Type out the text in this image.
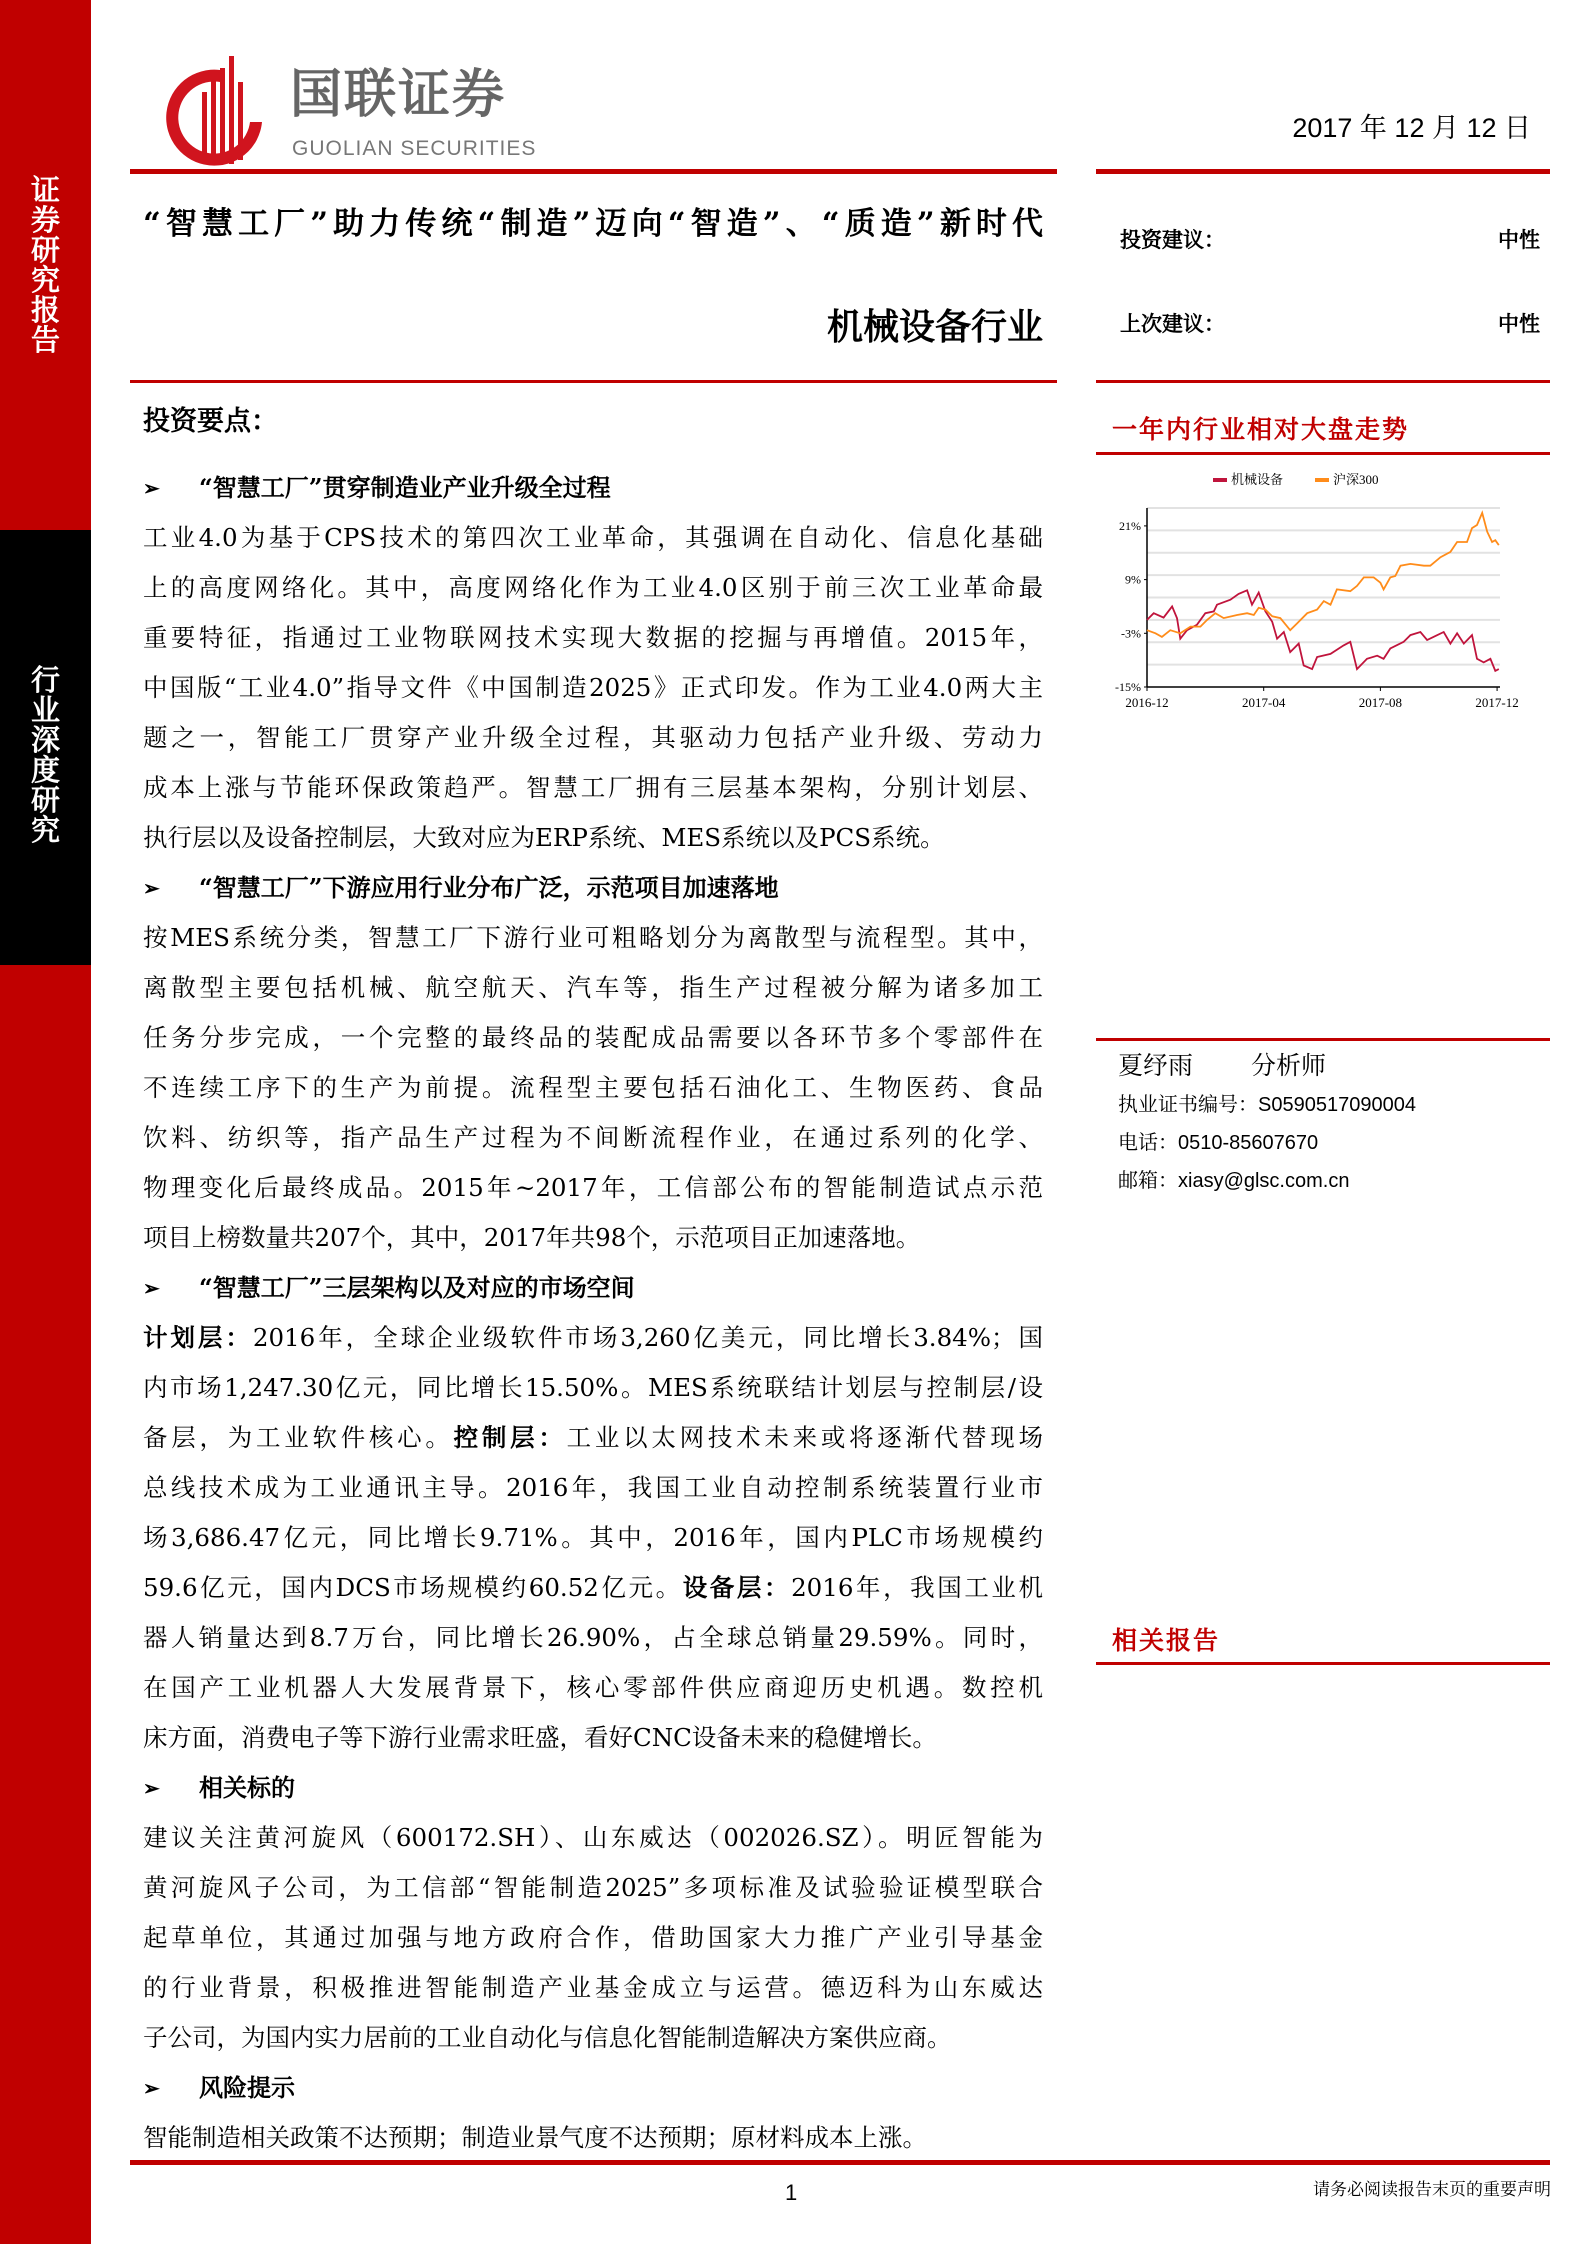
证
券
研
究
报
告
行
业
深
度
研
究
国联证券
GUOLIAN SECURITIES
2017 年 12 月 12 日
“智慧工厂”助力传统“制造”迈向“智造”、“质造”新时代
机械设备行业
投资建议：	中性
上次建议：	中性
一年内行业相对大盘走势
21%
9%
-3%
-15%
2016-12	2017-04	2017-08	2017-12
机械设备	沪深300
夏纾雨 分析师
执业证书编号：S0590517090004
电话：0510-85607670
邮箱：xiasy@glsc.com.cn
相关报告
投资要点：
➢	“智慧工厂”贯穿制造业产业升级全过程
工业4.0为基于CPS技术的第四次工业革命，其强调在自动化、信息化基础
上的高度网络化。其中，高度网络化作为工业4.0区别于前三次工业革命最
重要特征，指通过工业物联网技术实现大数据的挖掘与再增值。2015年，
中国版“工业4.0”指导文件《中国制造2025》正式印发。作为工业4.0两大主
题之一，智能工厂贯穿产业升级全过程，其驱动力包括产业升级、劳动力
成本上涨与节能环保政策趋严。智慧工厂拥有三层基本架构，分别计划层、
执行层以及设备控制层，大致对应为ERP系统、MES系统以及PCS系统。
➢	“智慧工厂”下游应用行业分布广泛，示范项目加速落地
按MES系统分类，智慧工厂下游行业可粗略划分为离散型与流程型。其中，
离散型主要包括机械、航空航天、汽车等，指生产过程被分解为诸多加工
任务分步完成，一个完整的最终品的装配成品需要以各环节多个零部件在
不连续工序下的生产为前提。流程型主要包括石油化工、生物医药、食品
饮料、纺织等，指产品生产过程为不间断流程作业，在通过系列的化学、
物理变化后最终成品。2015年~2017年，工信部公布的智能制造试点示范
项目上榜数量共207个，其中，2017年共98个，示范项目正加速落地。
➢	“智慧工厂”三层架构以及对应的市场空间
计划层：2016年，全球企业级软件市场3,260亿美元，同比增长3.84%；国
内市场1,247.30亿元，同比增长15.50%。MES系统联结计划层与控制层/设
备层，为工业软件核心。控制层：工业以太网技术未来或将逐渐代替现场
总线技术成为工业通讯主导。2016年，我国工业自动控制系统装置行业市
场3,686.47亿元，同比增长9.71%。其中，2016年，国内PLC市场规模约
59.6亿元，国内DCS市场规模约60.52亿元。设备层：2016年，我国工业机
器人销量达到8.7万台，同比增长26.90%，占全球总销量29.59%。同时，
在国产工业机器人大发展背景下，核心零部件供应商迎历史机遇。数控机
床方面，消费电子等下游行业需求旺盛，看好CNC设备未来的稳健增长。
➢	相关标的
建议关注黄河旋风（600172.SH）、山东威达（002026.SZ）。明匠智能为
黄河旋风子公司，为工信部“智能制造2025”多项标准及试验验证模型联合
起草单位，其通过加强与地方政府合作，借助国家大力推广产业引导基金
的行业背景，积极推进智能制造产业基金成立与运营。德迈科为山东威达
子公司，为国内实力居前的工业自动化与信息化智能制造解决方案供应商。
➢	风险提示
智能制造相关政策不达预期；制造业景气度不达预期；原材料成本上涨。
1	请务必阅读报告末页的重要声明
